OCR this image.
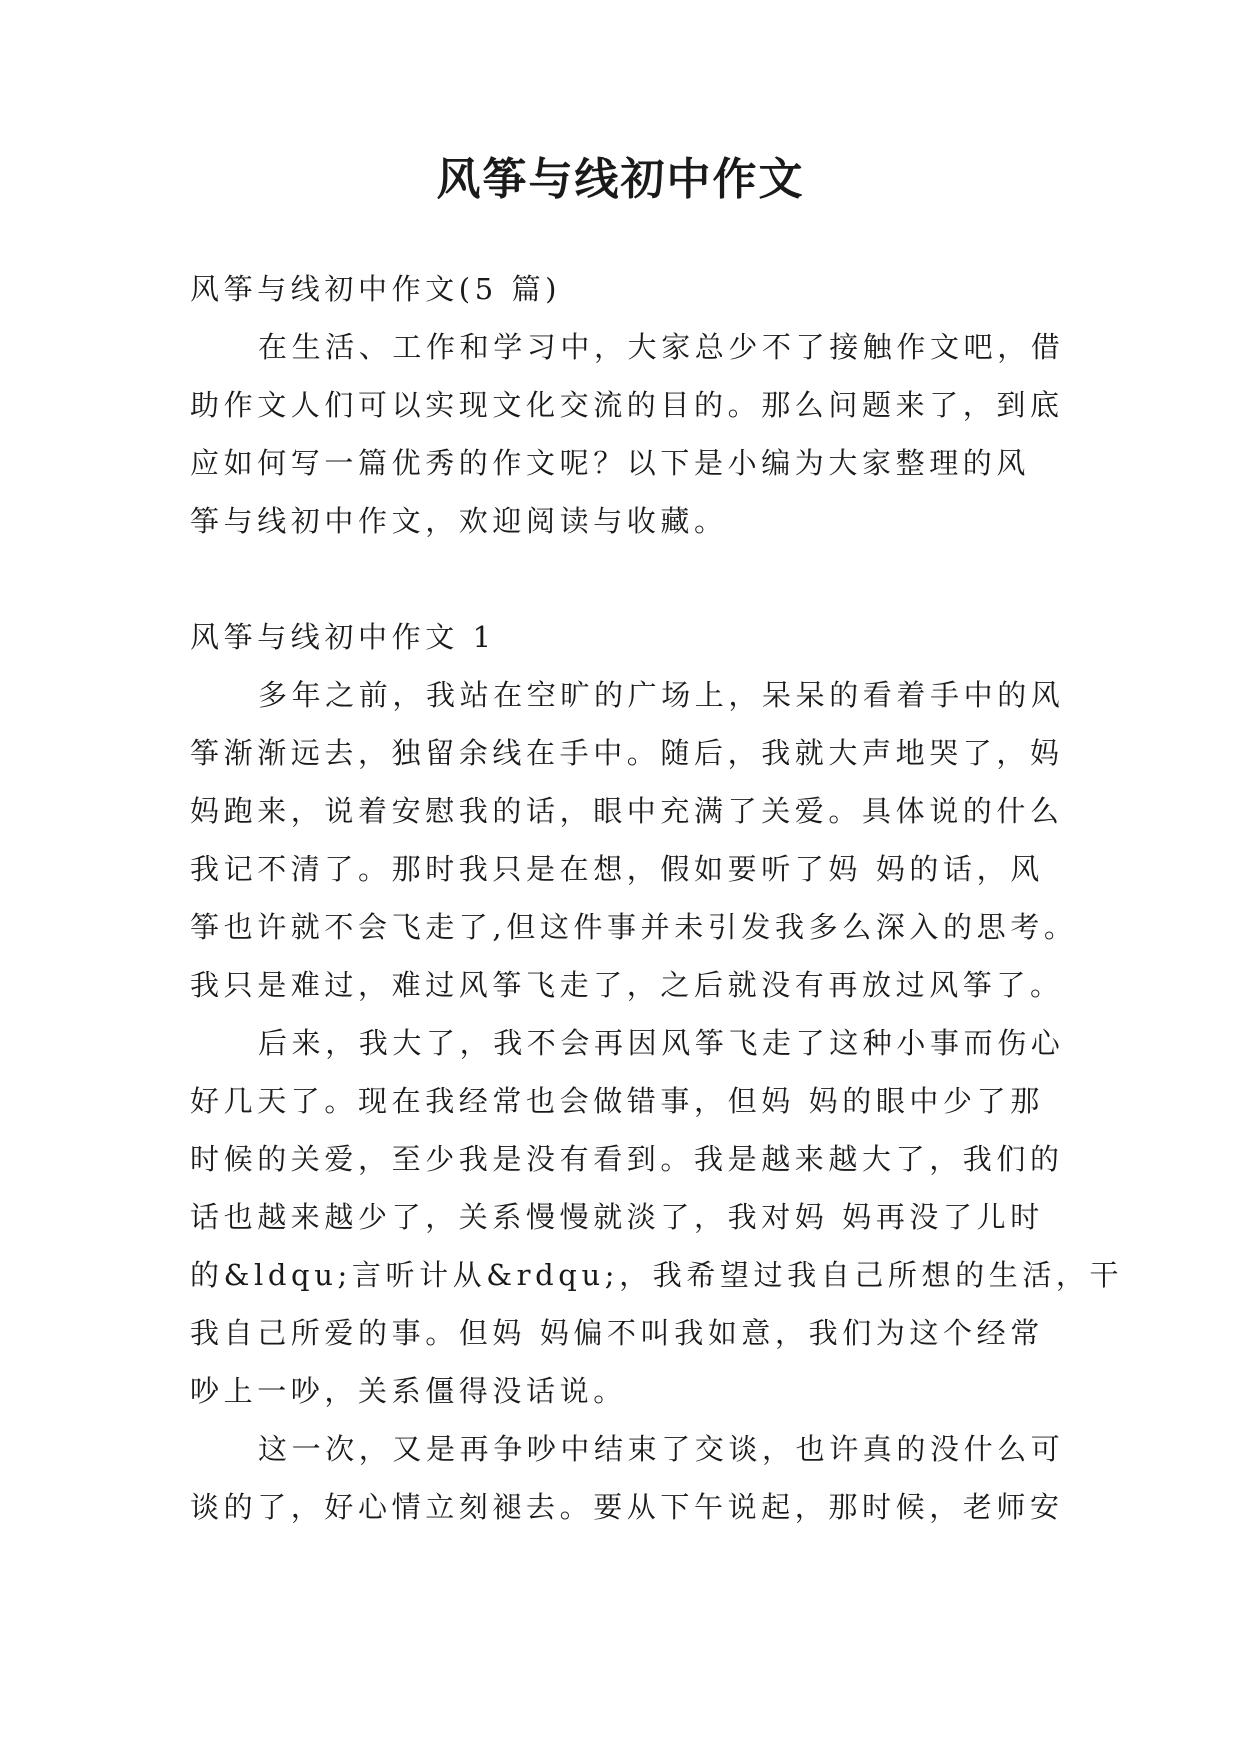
风筝与线初中作文

风筝与线初中作文(5 篇)

在生活、工作和学习中，大家总少不了接触作文吧，借

助作文人们可以实现文化交流的目的。那么问题来了，到底

应如何写一篇优秀的作文呢？以下是小编为大家整理的风

筝与线初中作文，欢迎阅读与收藏。

风筝与线初中作文 1

多年之前，我站在空旷的广场上，呆呆的看着手中的风

筝渐渐远去，独留余线在手中。随后，我就大声地哭了，妈

妈跑来，说着安慰我的话，眼中充满了关爱。具体说的什么

我记不清了。那时我只是在想，假如要听了妈 妈的话，风

筝也许就不会飞走了,但这件事并未引发我多么深入的思考。

我只是难过，难过风筝飞走了，之后就没有再放过风筝了。

后来，我大了，我不会再因风筝飞走了这种小事而伤心

好几天了。现在我经常也会做错事，但妈 妈的眼中少了那

时候的关爱，至少我是没有看到。我是越来越大了，我们的

话也越来越少了，关系慢慢就淡了，我对妈 妈再没了儿时

的&ldqu;言听计从&rdqu;，我希望过我自己所想的生活，干

我自己所爱的事。但妈 妈偏不叫我如意，我们为这个经常

吵上一吵，关系僵得没话说。

这一次，又是再争吵中结束了交谈，也许真的没什么可

谈的了，好心情立刻褪去。要从下午说起，那时候，老师安
